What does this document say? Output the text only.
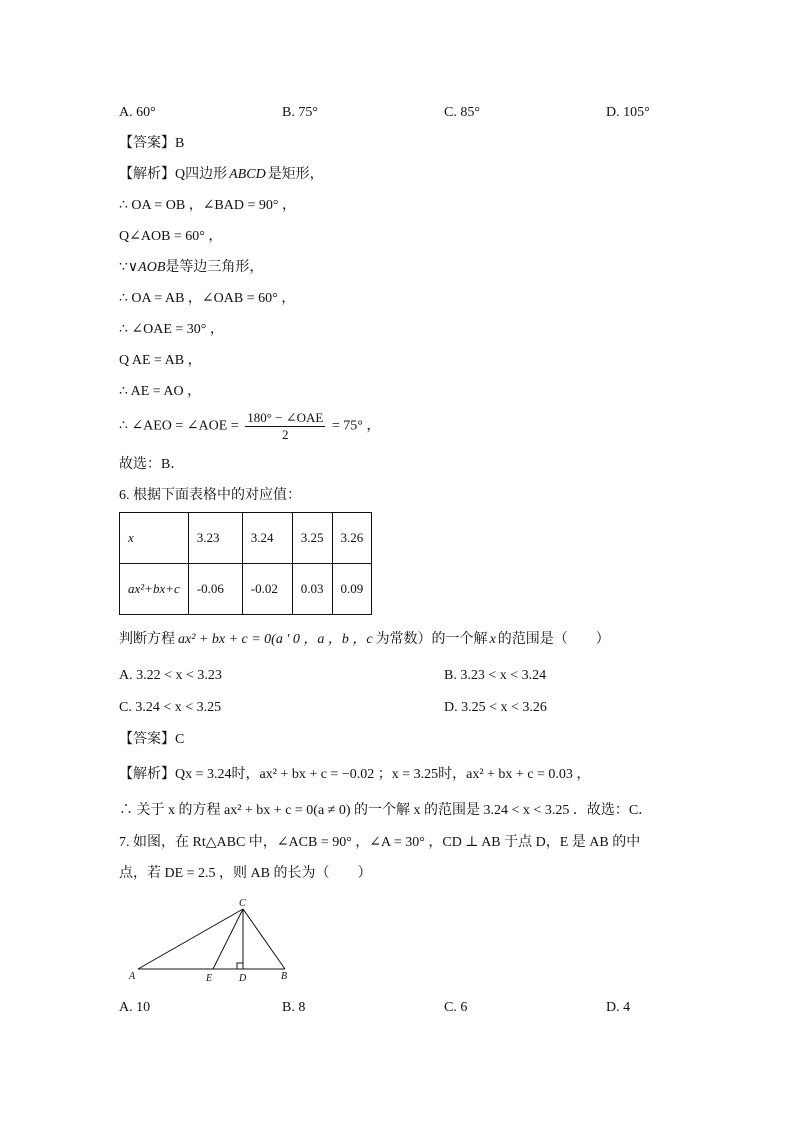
A. 60°	B. 75°	C. 85°	D. 105°
【答案】B
【解析】Q四边形 ABCD 是矩形，
∴ OA = OB ，∠BAD = 90° ，
Q∠AOB = 60° ，
∵∨AOB是等边三角形，
∴ OA = AB ，∠OAB = 60° ，
∴ ∠OAE = 30° ，
Q AE = AB ，
∴ AE = AO ，
∴ ∠AEO = ∠AOE = $\frac{\text{180° − ∠OAE}}{2} = 75^\circ$ ，
故选：B．
6. 根据下面表格中的对应值：
x	3.23	3.24	3.25	3.26
ax²+bx+c	-0.06	-0.02	0.03	0.09
判断方程 ax² + bx + c = 0(a ' 0 ，a ，b ，c 为常数）的一个解 x 的范围是（　　）
A. 3.22 < x < 3.23	B. 3.23 < x < 3.24
C. 3.24 < x < 3.25	D. 3.25 < x < 3.26
【答案】C
【解析】Qx = 3.24时，ax² + bx + c = −0.02 ；x = 3.25时，ax² + bx + c = 0.03 ，
∴ 关于 x 的方程 ax² + bx + c = 0(a ≠ 0) 的一个解 x 的范围是 3.24 < x < 3.25 ．故选：C．
7. 如图，在 Rt△ABC 中，∠ACB = 90° ，∠A = 30° ，CD ⊥ AB 于点 D，E 是 AB 的中
点，若 DE = 2.5 ，则 AB 的长为（　　）
C
A	E	D	B
A. 10	B. 8	C. 6	D. 4
